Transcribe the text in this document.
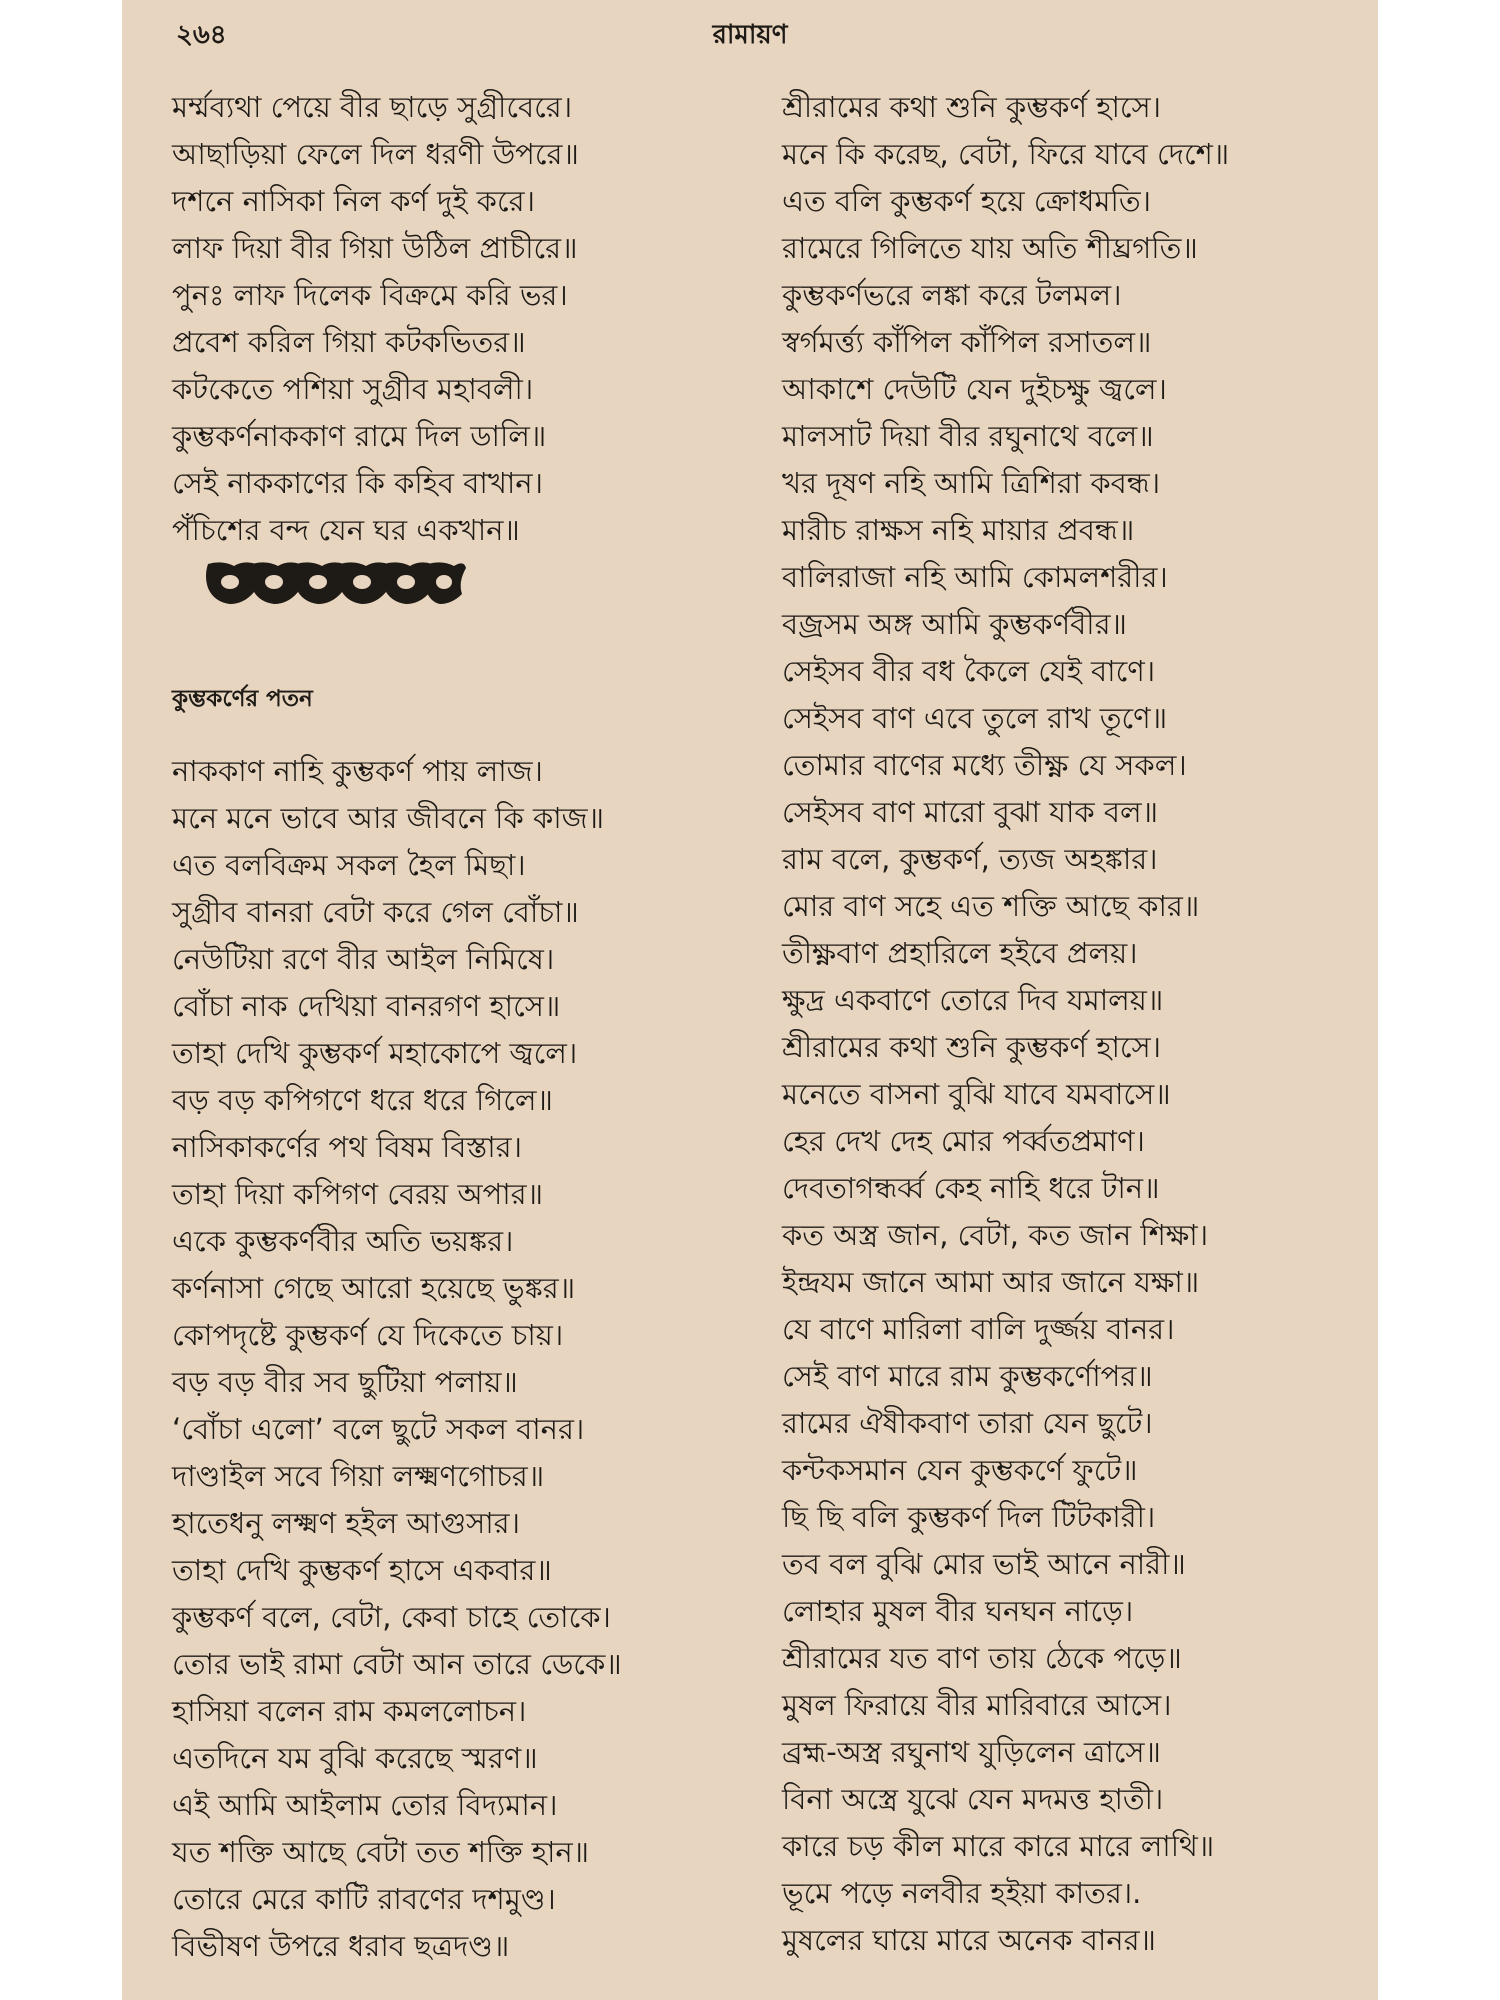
২৬৪	রামায়ণ
মর্ম্মব্যথা পেয়ে বীর ছাড়ে সুগ্রীবেরে।
আছাড়িয়া ফেলে দিল ধরণী উপরে॥
দশনে নাসিকা নিল কর্ণ দুই করে।
লাফ দিয়া বীর গিয়া উঠিল প্রাচীরে॥
পুনঃ লাফ দিলেক বিক্রমে করি ভর।
প্রবেশ করিল গিয়া কটকভিতর॥
কটকেতে পশিয়া সুগ্রীব মহাবলী।
কুম্ভকর্ণনাককাণ রামে দিল ডালি॥
সেই নাককাণের কি কহিব বাখান।
পঁচিশের বন্দ যেন ঘর একখান॥
কুম্ভকর্ণের পতন
নাককাণ নাহি কুম্ভকর্ণ পায় লাজ।
মনে মনে ভাবে আর জীবনে কি কাজ॥
এত বলবিক্রম সকল হৈল মিছা।
সুগ্রীব বানরা বেটা করে গেল বোঁচা॥
নেউটিয়া রণে বীর আইল নিমিষে।
বোঁচা নাক দেখিয়া বানরগণ হাসে॥
তাহা দেখি কুম্ভকর্ণ মহাকোপে জ্বলে।
বড় বড় কপিগণে ধরে ধরে গিলে॥
নাসিকাকর্ণের পথ বিষম বিস্তার।
তাহা দিয়া কপিগণ বেরয় অপার॥
একে কুম্ভকর্ণবীর অতি ভয়ঙ্কর।
কর্ণনাসা গেছে আরো হয়েছে ভুঙ্কর॥
কোপদৃষ্টে কুম্ভকর্ণ যে দিকেতে চায়।
বড় বড় বীর সব ছুটিয়া পলায়॥
‘বোঁচা এলো’ বলে ছুটে সকল বানর।
দাণ্ডাইল সবে গিয়া লক্ষ্মণগোচর॥
হাতেধনু লক্ষ্মণ হইল আগুসার।
তাহা দেখি কুম্ভকর্ণ হাসে একবার॥
কুম্ভকর্ণ বলে, বেটা, কেবা চাহে তোকে।
তোর ভাই রামা বেটা আন তারে ডেকে॥
হাসিয়া বলেন রাম কমললোচন।
এতদিনে যম বুঝি করেছে স্মরণ॥
এই আমি আইলাম তোর বিদ্যমান।
যত শক্তি আছে বেটা তত শক্তি হান॥
তোরে মেরে কাটি রাবণের দশমুণ্ড।
বিভীষণ উপরে ধরাব ছত্রদণ্ড॥
শ্রীরামের কথা শুনি কুম্ভকর্ণ হাসে।
মনে কি করেছ, বেটা, ফিরে যাবে দেশে॥
এত বলি কুম্ভকর্ণ হয়ে ক্রোধমতি।
রামেরে গিলিতে যায় অতি শীঘ্রগতি॥
কুম্ভকর্ণভরে লঙ্কা করে টলমল।
স্বর্গমর্ত্ত্য কাঁপিল কাঁপিল রসাতল॥
আকাশে দেউটি যেন দুইচক্ষু জ্বলে।
মালসাট দিয়া বীর রঘুনাথে বলে॥
খর দূষণ নহি আমি ত্রিশিরা কবন্ধ।
মারীচ রাক্ষস নহি মায়ার প্রবন্ধ॥
বালিরাজা নহি আমি কোমলশরীর।
বজ্রসম অঙ্গ আমি কুম্ভকর্ণবীর॥
সেইসব বীর বধ কৈলে যেই বাণে।
সেইসব বাণ এবে তুলে রাখ তূণে॥
তোমার বাণের মধ্যে তীক্ষ্ণ যে সকল।
সেইসব বাণ মারো বুঝা যাক বল॥
রাম বলে, কুম্ভকর্ণ, ত্যজ অহঙ্কার।
মোর বাণ সহে এত শক্তি আছে কার॥
তীক্ষ্ণবাণ প্রহারিলে হইবে প্রলয়।
ক্ষুদ্র একবাণে তোরে দিব যমালয়॥
শ্রীরামের কথা শুনি কুম্ভকর্ণ হাসে।
মনেতে বাসনা বুঝি যাবে যমবাসে॥
হের দেখ দেহ মোর পর্ব্বতপ্রমাণ।
দেবতাগন্ধর্ব্ব কেহ নাহি ধরে টান॥
কত অস্ত্র জান, বেটা, কত জান শিক্ষা।
ইন্দ্রযম জানে আমা আর জানে যক্ষা॥
যে বাণে মারিলা বালি দুর্জ্জয় বানর।
সেই বাণ মারে রাম কুম্ভকর্ণোপর॥
রামের ঐষীকবাণ তারা যেন ছুটে।
কন্টকসমান যেন কুম্ভকর্ণে ফুটে॥
ছি ছি বলি কুম্ভকর্ণ দিল টিটকারী।
তব বল বুঝি মোর ভাই আনে নারী॥
লোহার মুষল বীর ঘনঘন নাড়ে।
শ্রীরামের যত বাণ তায় ঠেকে পড়ে॥
মুষল ফিরায়ে বীর মারিবারে আসে।
ব্রহ্ম-অস্ত্র রঘুনাথ যুড়িলেন ত্রাসে॥
বিনা অস্ত্রে যুঝে যেন মদমত্ত হাতী।
কারে চড় কীল মারে কারে মারে লাথি॥
ভূমে পড়ে নলবীর হইয়া কাতর।.
মুষলের ঘায়ে মারে অনেক বানর॥
